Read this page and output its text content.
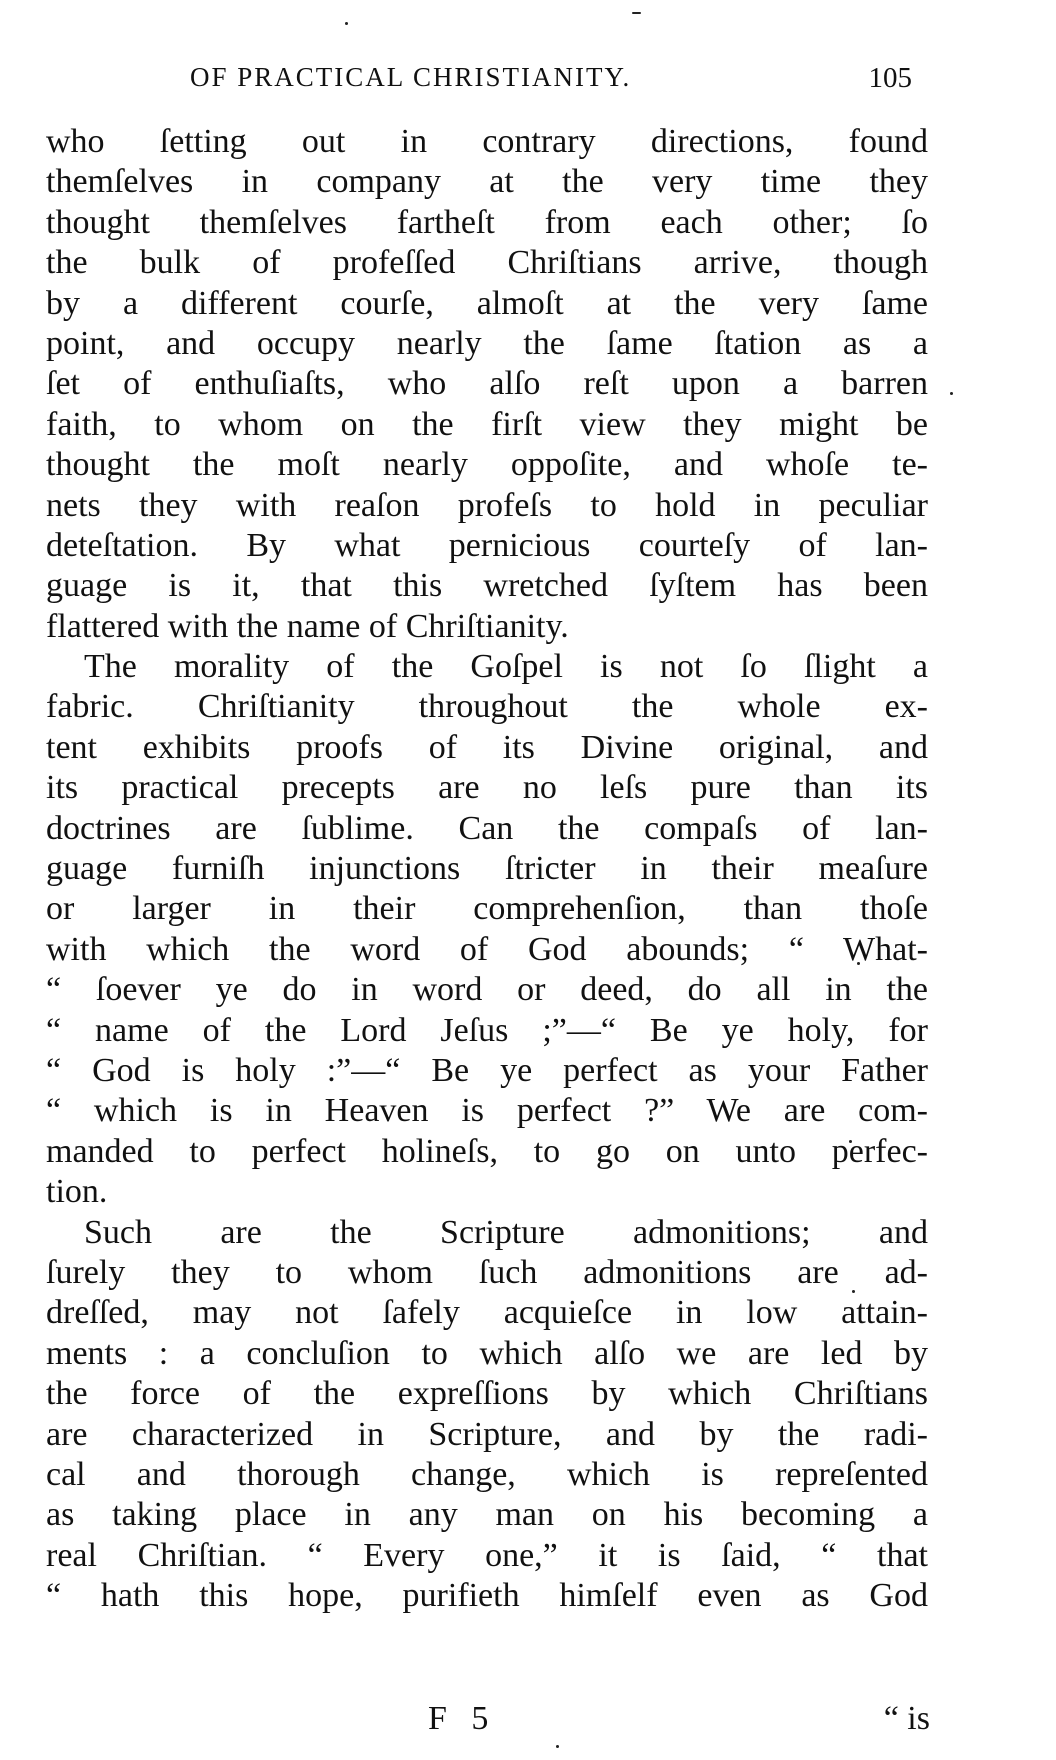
OF PRACTICAL CHRISTIANITY.	105
who ſetting out in contrary directions, found
themſelves in company at the very time they
thought themſelves fartheſt from each other; ſo
the bulk of profeſſed Chriſtians arrive, though
by a different courſe, almoſt at the very ſame
point, and occupy nearly the ſame ſtation as a
ſet of enthuſiaſts, who alſo reſt upon a barren
faith, to whom on the firſt view they might be
thought the moſt nearly oppoſite, and whoſe te-
nets they with reaſon profeſs to hold in peculiar
deteſtation. By what pernicious courteſy of lan-
guage is it, that this wretched ſyſtem has been
flattered with the name of Chriſtianity.
The morality of the Goſpel is not ſo ſlight a
fabric. Chriſtianity throughout the whole ex-
tent exhibits proofs of its Divine original, and
its practical precepts are no leſs pure than its
doctrines are ſublime. Can the compaſs of lan-
guage furniſh injunctions ſtricter in their meaſure
or larger in their comprehenſion, than thoſe
with which the word of God abounds; “ What-
“ ſoever ye do in word or deed, do all in the
“ name of the Lord Jeſus ;”—“ Be ye holy, for
“ God is holy :”—“ Be ye perfect as your Father
“ which is in Heaven is perfect ?” We are com-
manded to perfect holineſs, to go on unto perfec-
tion.
Such are the Scripture admonitions; and
ſurely they to whom ſuch admonitions are ad-
dreſſed, may not ſafely acquieſce in low attain-
ments : a concluſion to which alſo we are led by
the force of the expreſſions by which Chriſtians
are characterized in Scripture, and by the radi-
cal and thorough change, which is repreſented
as taking place in any man on his becoming a
real Chriſtian. “ Every one,” it is ſaid, “ that
“ hath this hope, purifieth himſelf even as God
F 5	“ is
